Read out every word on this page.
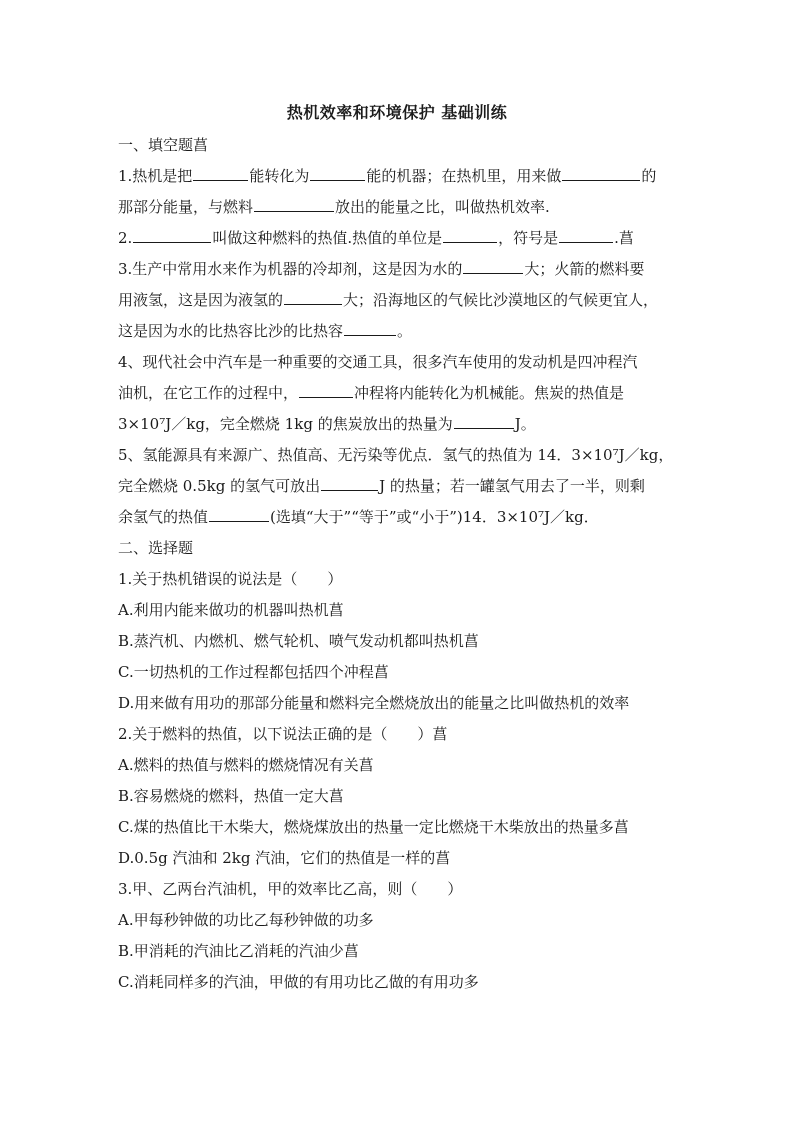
热机效率和环境保护 基础训练
一、填空题菖
1.热机是把	能转化为	能的机器；在热机里，用来做	的
那部分能量，与燃料	放出的能量之比，叫做热机效率.
2.	叫做这种燃料的热值.热值的单位是	，符号是	.菖
3.生产中常用水来作为机器的冷却剂，这是因为水的	大；火箭的燃料要
用液氢，这是因为液氢的	大；沿海地区的气候比沙漠地区的气候更宜人，
这是因为水的比热容比沙的比热容	。
4、现代社会中汽车是一种重要的交通工具，很多汽车使用的发动机是四冲程汽
油机，在它工作的过程中，	冲程将内能转化为机械能。焦炭的热值是
3×10⁷J／kg，完全燃烧 1kg 的焦炭放出的热量为	J。
5、氢能源具有来源广、热值高、无污染等优点．氢气的热值为 14．3×10⁷J／kg，
完全燃烧 0.5kg 的氢气可放出	J 的热量；若一罐氢气用去了一半，则剩
余氢气的热值	(选填“大于”“等于”或“小于”)14．3×10⁷J／kg．
二、选择题
1.关于热机错误的说法是（　　）
A.利用内能来做功的机器叫热机菖
B.蒸汽机、内燃机、燃气轮机、喷气发动机都叫热机菖
C.一切热机的工作过程都包括四个冲程菖
D.用来做有用功的那部分能量和燃料完全燃烧放出的能量之比叫做热机的效率
2.关于燃料的热值，以下说法正确的是（　　）菖
A.燃料的热值与燃料的燃烧情况有关菖
B.容易燃烧的燃料，热值一定大菖
C.煤的热值比干木柴大，燃烧煤放出的热量一定比燃烧干木柴放出的热量多菖
D.0.5g 汽油和 2kg 汽油，它们的热值是一样的菖
3.甲、乙两台汽油机，甲的效率比乙高，则（　　）
A.甲每秒钟做的功比乙每秒钟做的功多
B.甲消耗的汽油比乙消耗的汽油少菖
C.消耗同样多的汽油，甲做的有用功比乙做的有用功多
